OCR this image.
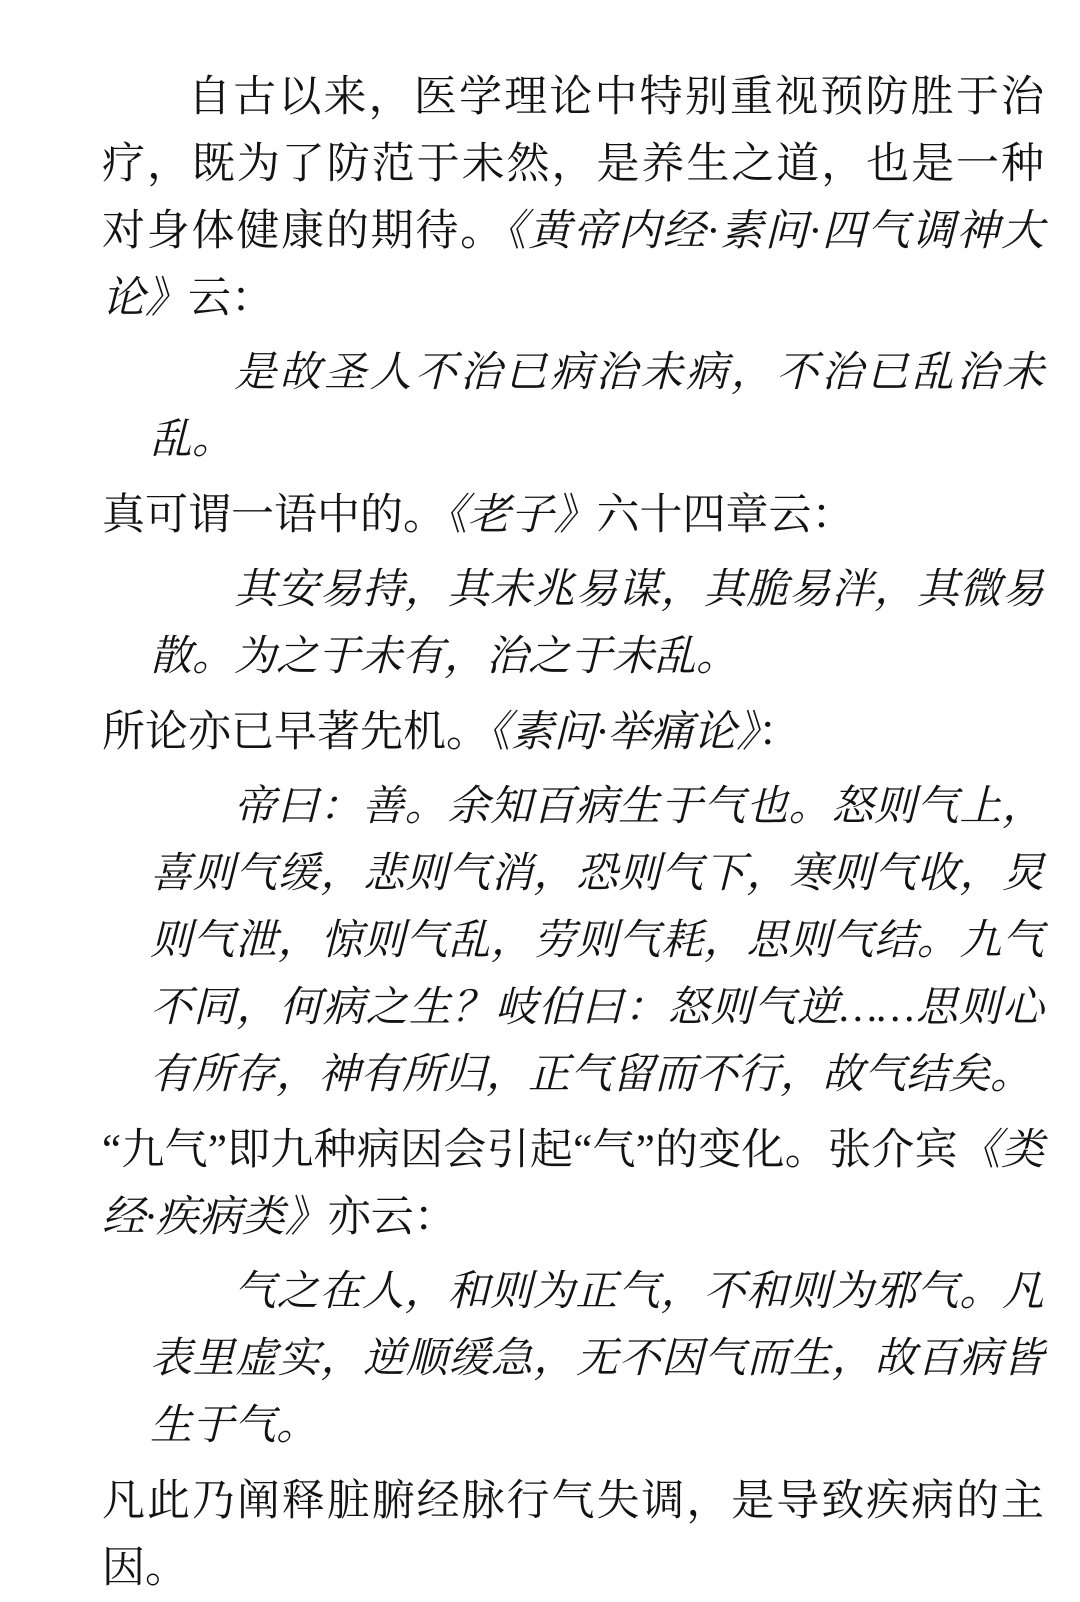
自古以来，医学理论中特别重视预防胜于治疗，既为了防范于未然，是养生之道，也是一种对身体健康的期待。《黄帝内经·素问·四气调神大论》云：

是故圣人不治已病治未病，不治已乱治未乱。

真可谓一语中的。《老子》六十四章云：

其安易持，其未兆易谋，其脆易泮，其微易散。为之于未有，治之于未乱。

所论亦已早著先机。《素问·举痛论》：

帝曰：善。余知百病生于气也。怒则气上，喜则气缓，悲则气消，恐则气下，寒则气收，炅则气泄，惊则气乱，劳则气耗，思则气结。九气不同，何病之生？岐伯曰：怒则气逆……思则心有所存，神有所归，正气留而不行，故气结矣。

“九气”即九种病因会引起“气”的变化。张介宾《类经·疾病类》亦云：

气之在人，和则为正气，不和则为邪气。凡表里虚实，逆顺缓急，无不因气而生，故百病皆生于气。

凡此乃阐释脏腑经脉行气失调，是导致疾病的主因。
